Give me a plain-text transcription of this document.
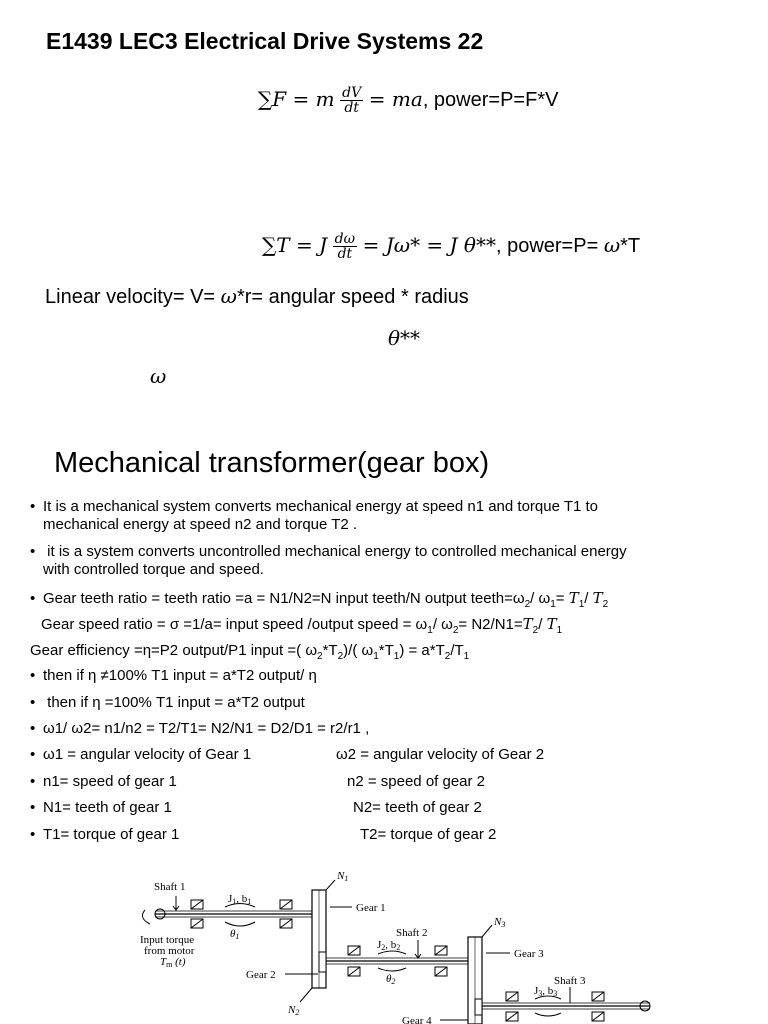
E1439 LEC3 Electrical Drive Systems 22
∑F = m $\frac{dV}{dt}$ = ma, power=P=F*V
∑T = J $\frac{d\omega}{dt} = J\omega* = J$ θ**, power=P= ω*T
Linear velocity= V= ω*r= angular speed * radius
θ**
ω
Mechanical transformer(gear box)
• It is a mechanical system converts mechanical energy at speed n1 and torque T1 to
mechanical energy at speed n2 and torque T2 .
• it is a system converts uncontrolled mechanical energy to controlled mechanical energy
with controlled torque and speed.
• Gear teeth ratio = teeth ratio =a = N1/N2=N input teeth/N output $teeth=\omega_2/$ $\omega_1= T_1/$ $T_2$
Gear speed ratio = σ =1/a= input speed /output speed = $\omega_1/$ $\omega_2= N2/N1=T_2/$ $T_1$
Gear efficiency =η=P2 output/P1 input =( $\omega_2*T_2)/$( $\omega_1*T_1) = a*T_2/T_1$
• then if η ≠100% T1 input = a*T2 output/ η
• then if η =100% T1 input = a*T2 output
• ω1/ ω2= n1/n2 = T2/T1= N2/N1 = D2/D1 = r2/r1 ,
• ω1 = angular velocity of Gear 1	ω2 = angular velocity of Gear 2
• n1= speed of gear 1	n2 = speed of gear 2
• N1= teeth of gear 1	N2= teeth of gear 2
• T1= torque of gear 1	T2= torque of gear 2
Shaft 1
J1, b1
Input torque
from motor
Tm (t)
θ1
N1
Gear 1
Gear 2
N2
Shaft 2
J2, b2
θ2
N3
Gear 3
Shaft 3
J3, b3
Gear 4
